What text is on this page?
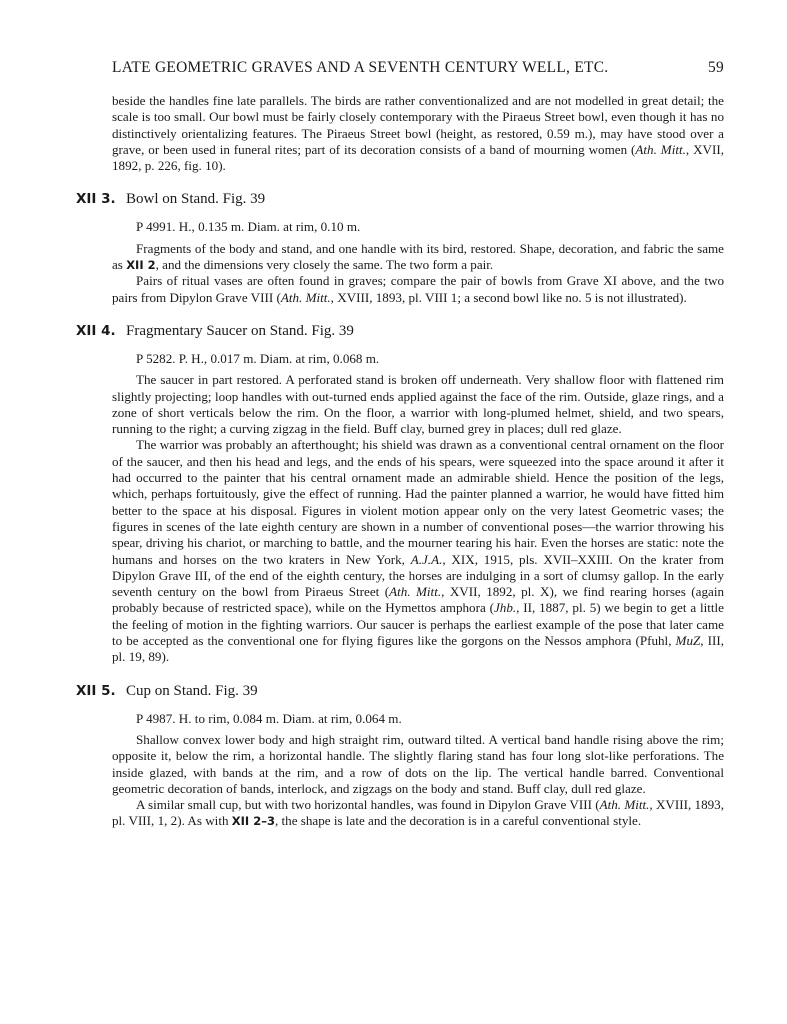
LATE GEOMETRIC GRAVES AND A SEVENTH CENTURY WELL, ETC.	59

beside the handles fine late parallels. The birds are rather conventionalized and are not modelled in great detail; the scale is too small. Our bowl must be fairly closely contemporary with the Piraeus Street bowl, even though it has no distinctively orientalizing features. The Piraeus Street bowl (height, as restored, 0.59 m.), may have stood over a grave, or been used in funeral rites; part of its decoration consists of a band of mourning women (Ath. Mitt., XVII, 1892, p. 226, fig. 10).

XII 3. Bowl on Stand. Fig. 39

P 4991. H., 0.135 m. Diam. at rim, 0.10 m.

Fragments of the body and stand, and one handle with its bird, restored. Shape, decoration, and fabric the same as XII 2, and the dimensions very closely the same. The two form a pair.

Pairs of ritual vases are often found in graves; compare the pair of bowls from Grave XI above, and the two pairs from Dipylon Grave VIII (Ath. Mitt., XVIII, 1893, pl. VIII 1; a second bowl like no. 5 is not illustrated).

XII 4. Fragmentary Saucer on Stand. Fig. 39

P 5282. P. H., 0.017 m. Diam. at rim, 0.068 m.

The saucer in part restored. A perforated stand is broken off underneath. Very shallow floor with flattened rim slightly projecting; loop handles with out-turned ends applied against the face of the rim. Outside, glaze rings, and a zone of short verticals below the rim. On the floor, a warrior with long-plumed helmet, shield, and two spears, running to the right; a curving zigzag in the field. Buff clay, burned grey in places; dull red glaze.

The warrior was probably an afterthought; his shield was drawn as a conventional central ornament on the floor of the saucer, and then his head and legs, and the ends of his spears, were squeezed into the space around it after it had occurred to the painter that his central ornament made an admirable shield. Hence the position of the legs, which, perhaps fortuitously, give the effect of running. Had the painter planned a warrior, he would have fitted him better to the space at his disposal. Figures in violent motion appear only on the very latest Geometric vases; the figures in scenes of the late eighth century are shown in a number of conventional poses—the warrior throwing his spear, driving his chariot, or marching to battle, and the mourner tearing his hair. Even the horses are static: note the humans and horses on the two kraters in New York, A.J.A., XIX, 1915, pls. XVII–XXIII. On the krater from Dipylon Grave III, of the end of the eighth century, the horses are indulging in a sort of clumsy gallop. In the early seventh century on the bowl from Piraeus Street (Ath. Mitt., XVII, 1892, pl. X), we find rearing horses (again probably because of restricted space), while on the Hymettos amphora (Jhb., II, 1887, pl. 5) we begin to get a little the feeling of motion in the fighting warriors. Our saucer is perhaps the earliest example of the pose that later came to be accepted as the conventional one for flying figures like the gorgons on the Nessos amphora (Pfuhl, MuZ, III, pl. 19, 89).

XII 5. Cup on Stand. Fig. 39

P 4987. H. to rim, 0.084 m. Diam. at rim, 0.064 m.

Shallow convex lower body and high straight rim, outward tilted. A vertical band handle rising above the rim; opposite it, below the rim, a horizontal handle. The slightly flaring stand has four long slot-like perforations. The inside glazed, with bands at the rim, and a row of dots on the lip. The vertical handle barred. Conventional geometric decoration of bands, interlock, and zigzags on the body and stand. Buff clay, dull red glaze.

A similar small cup, but with two horizontal handles, was found in Dipylon Grave VIII (Ath. Mitt., XVIII, 1893, pl. VIII, 1, 2). As with XII 2–3, the shape is late and the decoration is in a careful conventional style.
